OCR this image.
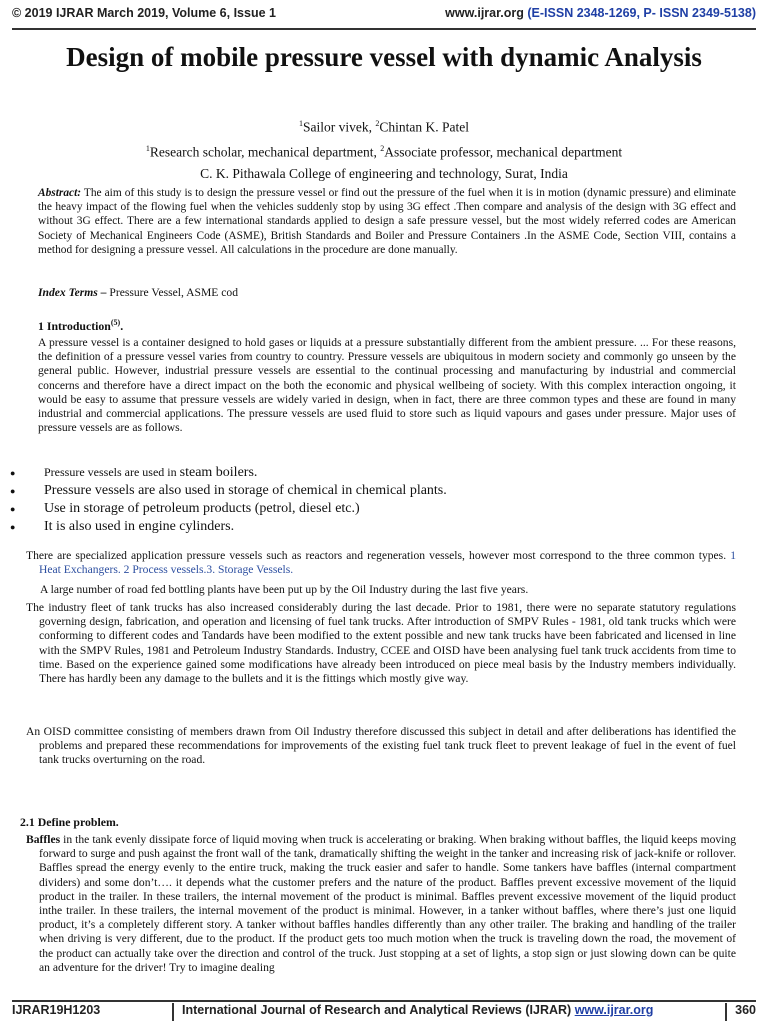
© 2019 IJRAR March 2019, Volume 6, Issue 1	www.ijrar.org (E-ISSN 2348-1269, P- ISSN 2349-5138)
Design of mobile pressure vessel with dynamic Analysis
$^1$Sailor vivek, $^2$Chintan K. Patel
$^1$Research scholar, mechanical department, $^2$Associate professor, mechanical department
C. K. Pithawala College of engineering and technology, Surat, India
Abstract: The aim of this study is to design the pressure vessel or find out the pressure of the fuel when it is in motion (dynamic pressure) and eliminate the heavy impact of the flowing fuel when the vehicles suddenly stop by using 3G effect .Then compare and analysis of the design with 3G effect and without 3G effect. There are a few international standards applied to design a safe pressure vessel, but the most widely referred codes are American Society of Mechanical Engineers Code (ASME), British Standards and Boiler and Pressure Containers .In the ASME Code, Section VIII, contains a method for designing a pressure vessel. All calculations in the procedure are done manually.
Index Terms – Pressure Vessel, ASME cod
1 Introduction$^{(5)}$.
A pressure vessel is a container designed to hold gases or liquids at a pressure substantially different from the ambient pressure. ... For these reasons, the definition of a pressure vessel varies from country to country. Pressure vessels are ubiquitous in modern society and commonly go unseen by the general public. However, industrial pressure vessels are essential to the continual processing and manufacturing by industrial and commercial concerns and therefore have a direct impact on the both the economic and physical wellbeing of society. With this complex interaction ongoing, it would be easy to assume that pressure vessels are widely varied in design, when in fact, there are three common types and these are found in many industrial and commercial applications. The pressure vessels are used fluid to store such as liquid vapours and gases under pressure. Major uses of pressure vessels are as follows.
●	Pressure vessels are used in steam boilers.
●	Pressure vessels are also used in storage of chemical in chemical plants.
●	Use in storage of petroleum products (petrol, diesel etc.)
●	It is also used in engine cylinders.
There are specialized application pressure vessels such as reactors and regeneration vessels, however most correspond to the three common types. 1 Heat Exchangers. 2 Process vessels.3. Storage Vessels.
A large number of road fed bottling plants have been put up by the Oil Industry during the last five years.
The industry fleet of tank trucks has also increased considerably during the last decade. Prior to 1981, there were no separate statutory regulations governing design, fabrication, and operation and licensing of fuel tank trucks. After introduction of SMPV Rules - 1981, old tank trucks which were conforming to different codes and Tandards have been modified to the extent possible and new tank trucks have been fabricated and licensed in line with the SMPV Rules, 1981 and Petroleum Industry Standards. Industry, CCEE and OISD have been analysing fuel tank truck accidents from time to time. Based on the experience gained some modifications have already been introduced on piece meal basis by the Industry members individually. There has hardly been any damage to the bullets and it is the fittings which mostly give way.
An OISD committee consisting of members drawn from Oil Industry therefore discussed this subject in detail and after deliberations has identified the problems and prepared these recommendations for improvements of the existing fuel tank truck fleet to prevent leakage of fuel in the event of fuel tank trucks overturning on the road.
2.1 Define problem.
Baffles in the tank evenly dissipate force of liquid moving when truck is accelerating or braking. When braking without baffles, the liquid keeps moving forward to surge and push against the front wall of the tank, dramatically shifting the weight in the tanker and increasing risk of jack-knife or rollover. Baffles spread the energy evenly to the entire truck, making the truck easier and safer to handle. Some tankers have baffles (internal compartment dividers) and some don’t…. it depends what the customer prefers and the nature of the product. Baffles prevent excessive movement of the liquid product in the trailer. In these trailers, the internal movement of the product is minimal. Baffles prevent excessive movement of the liquid product inthe trailer. In these trailers, the internal movement of the product is minimal. However, in a tanker without baffles, where there’s just one liquid product, it’s a completely different story. A tanker without baffles handles differently than any other trailer. The braking and handling of the trailer when driving is very different, due to the product. If the product gets too much motion when the truck is traveling down the road, the movement of the product can actually take over the direction and control of the truck. Just stopping at a set of lights, a stop sign or just slowing down can be quite an adventure for the driver! Try to imagine dealing
IJRAR19H1203	International Journal of Research and Analytical Reviews (IJRAR) www.ijrar.org	360
